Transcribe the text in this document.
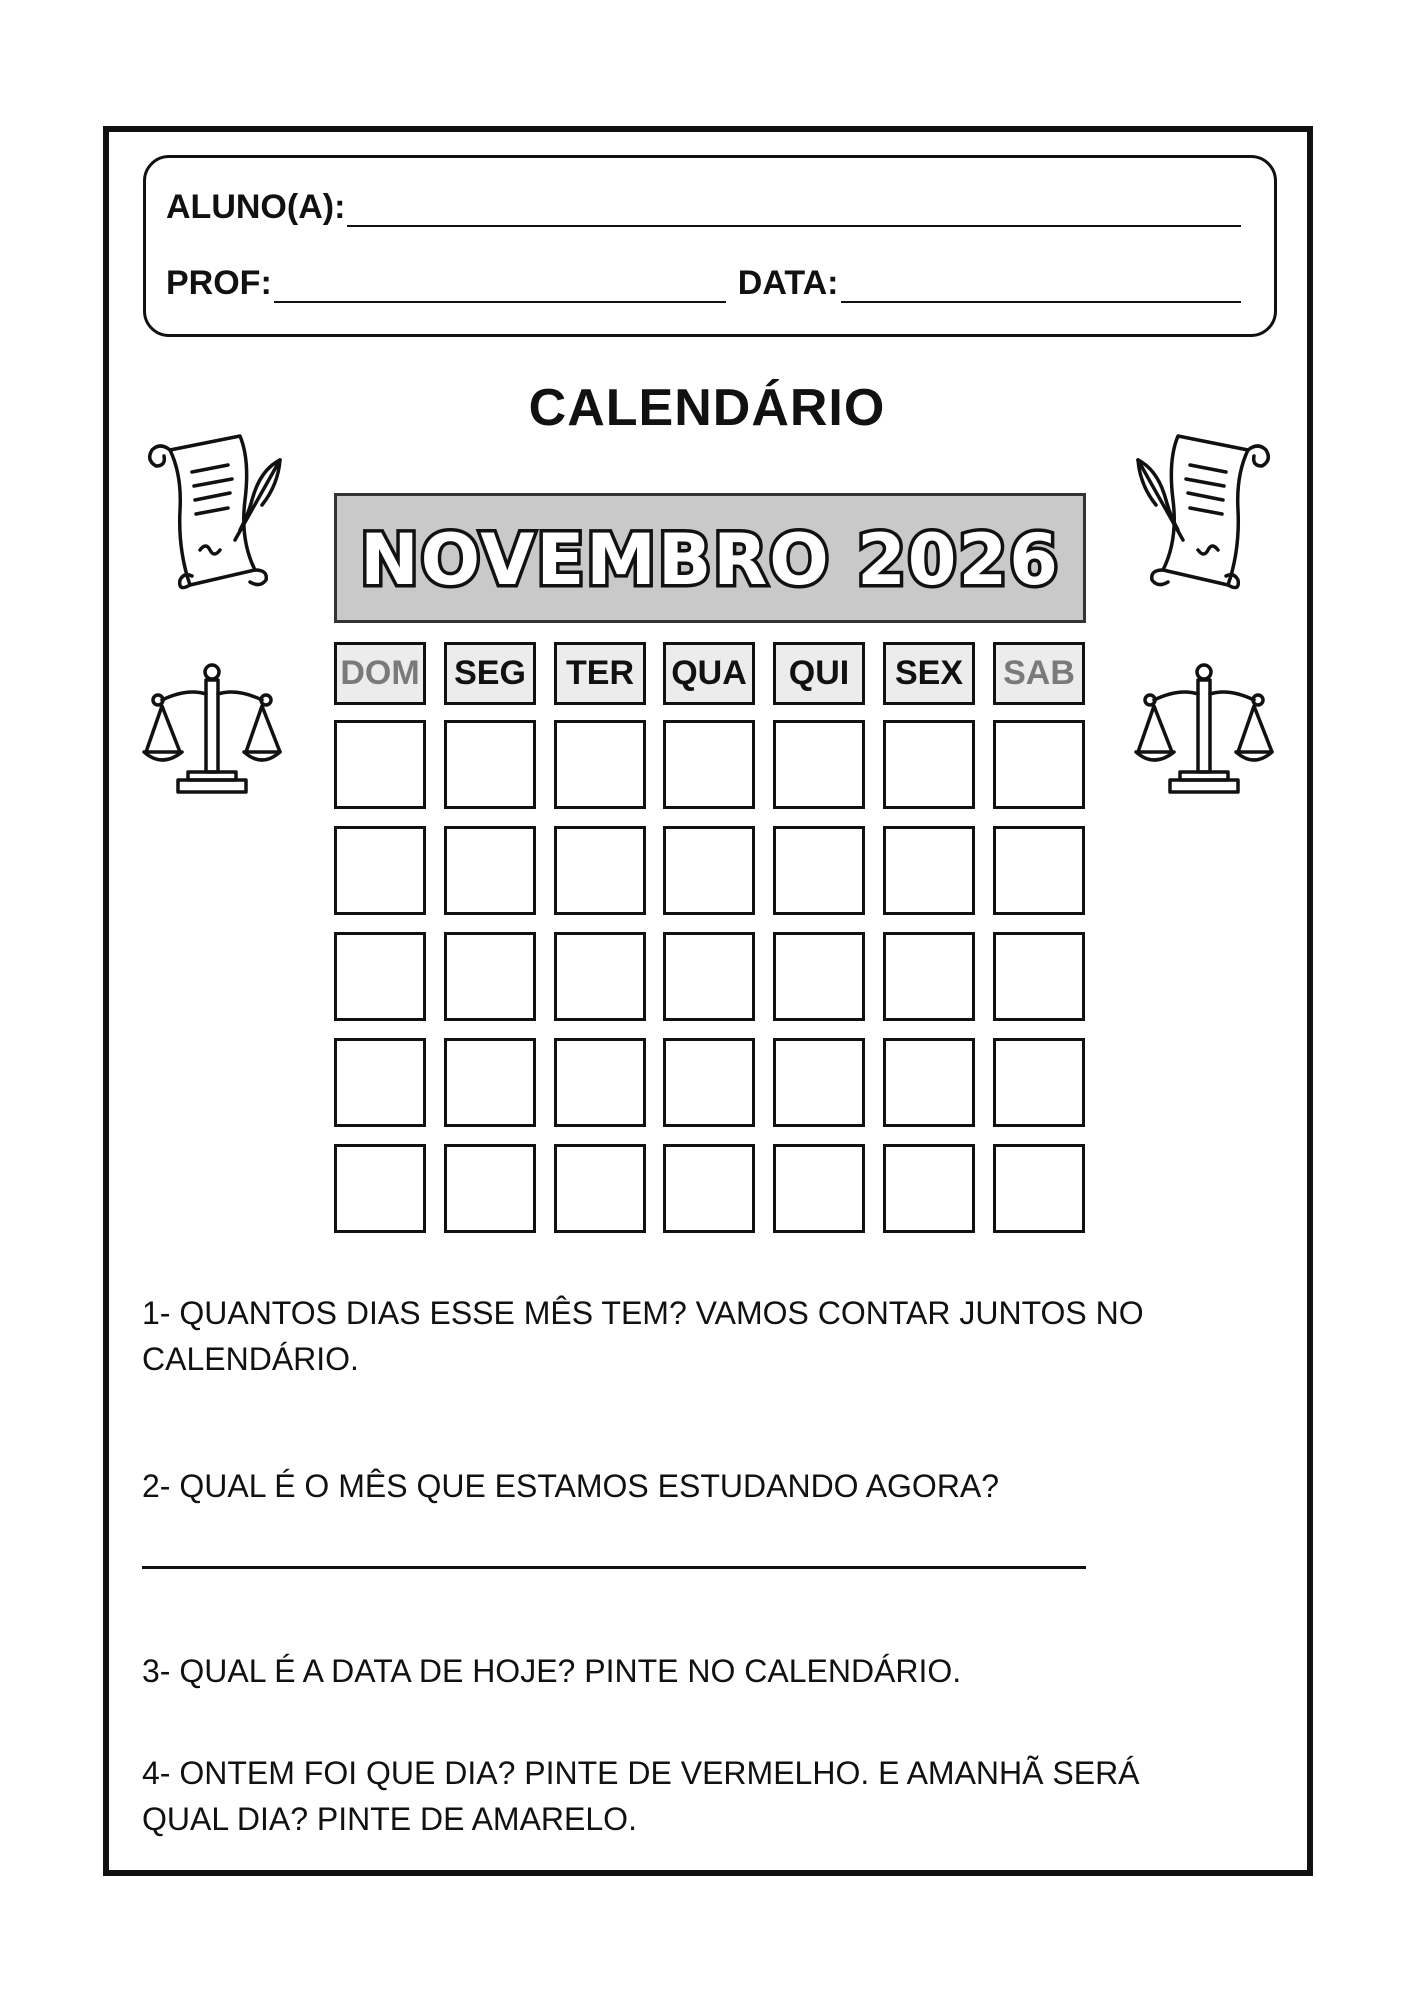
ALUNO(A):
PROF:	DATA:
CALENDÁRIO
NOVEMBRO 2026
DOM SEG	TER	QUA	QUI	SEX	SAB
1- QUANTOS DIAS ESSE MÊS TEM? VAMOS CONTAR JUNTOS NO
CALENDÁRIO.
2- QUAL É O MÊS QUE ESTAMOS ESTUDANDO AGORA?
3- QUAL É A DATA DE HOJE? PINTE NO CALENDÁRIO.
4- ONTEM FOI QUE DIA? PINTE DE VERMELHO. E AMANHÃ SERÁ
QUAL DIA? PINTE DE AMARELO.
